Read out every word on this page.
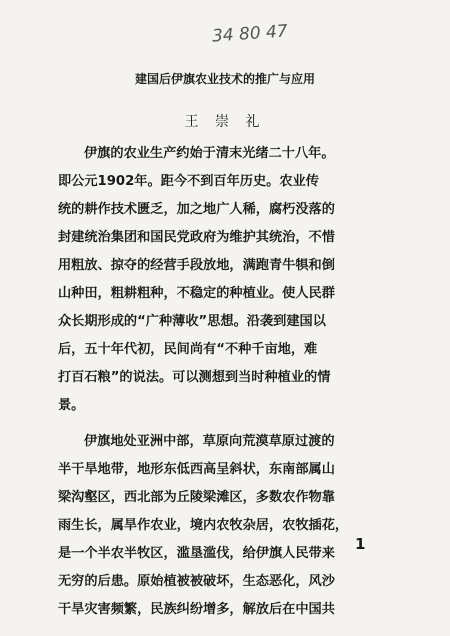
34 80 47
建国后伊旗农业技术的推广与应用
王 崇 礼
伊旗的农业生产约始于清末光绪二十八年。
即公元1902年。距今不到百年历史。农业传
统的耕作技术匮乏，加之地广人稀，腐朽没落的
封建统治集团和国民党政府为维护其统治，不惜
用粗放、掠夺的经营手段放地，满跑青牛犋和倒
山种田，粗耕粗种，不稳定的种植业。使人民群
众长期形成的“广种薄收”思想。沿袭到建国以
后，五十年代初，民间尚有“不种千亩地，难
打百石粮”的说法。可以测想到当时种植业的情
景。
伊旗地处亚洲中部，草原向荒漠草原过渡的
半干旱地带，地形东低西高呈斜状，东南部属山
梁沟壑区，西北部为丘陵梁滩区，多数农作物靠
雨生长，属旱作农业，境内农牧杂居，农牧插花，
是一个半农半牧区，滥垦滥伐，给伊旗人民带来
无穷的后患。原始植被被破坏，生态恶化，风沙
干旱灾害频繁，民族纠纷增多，解放后在中国共
1
